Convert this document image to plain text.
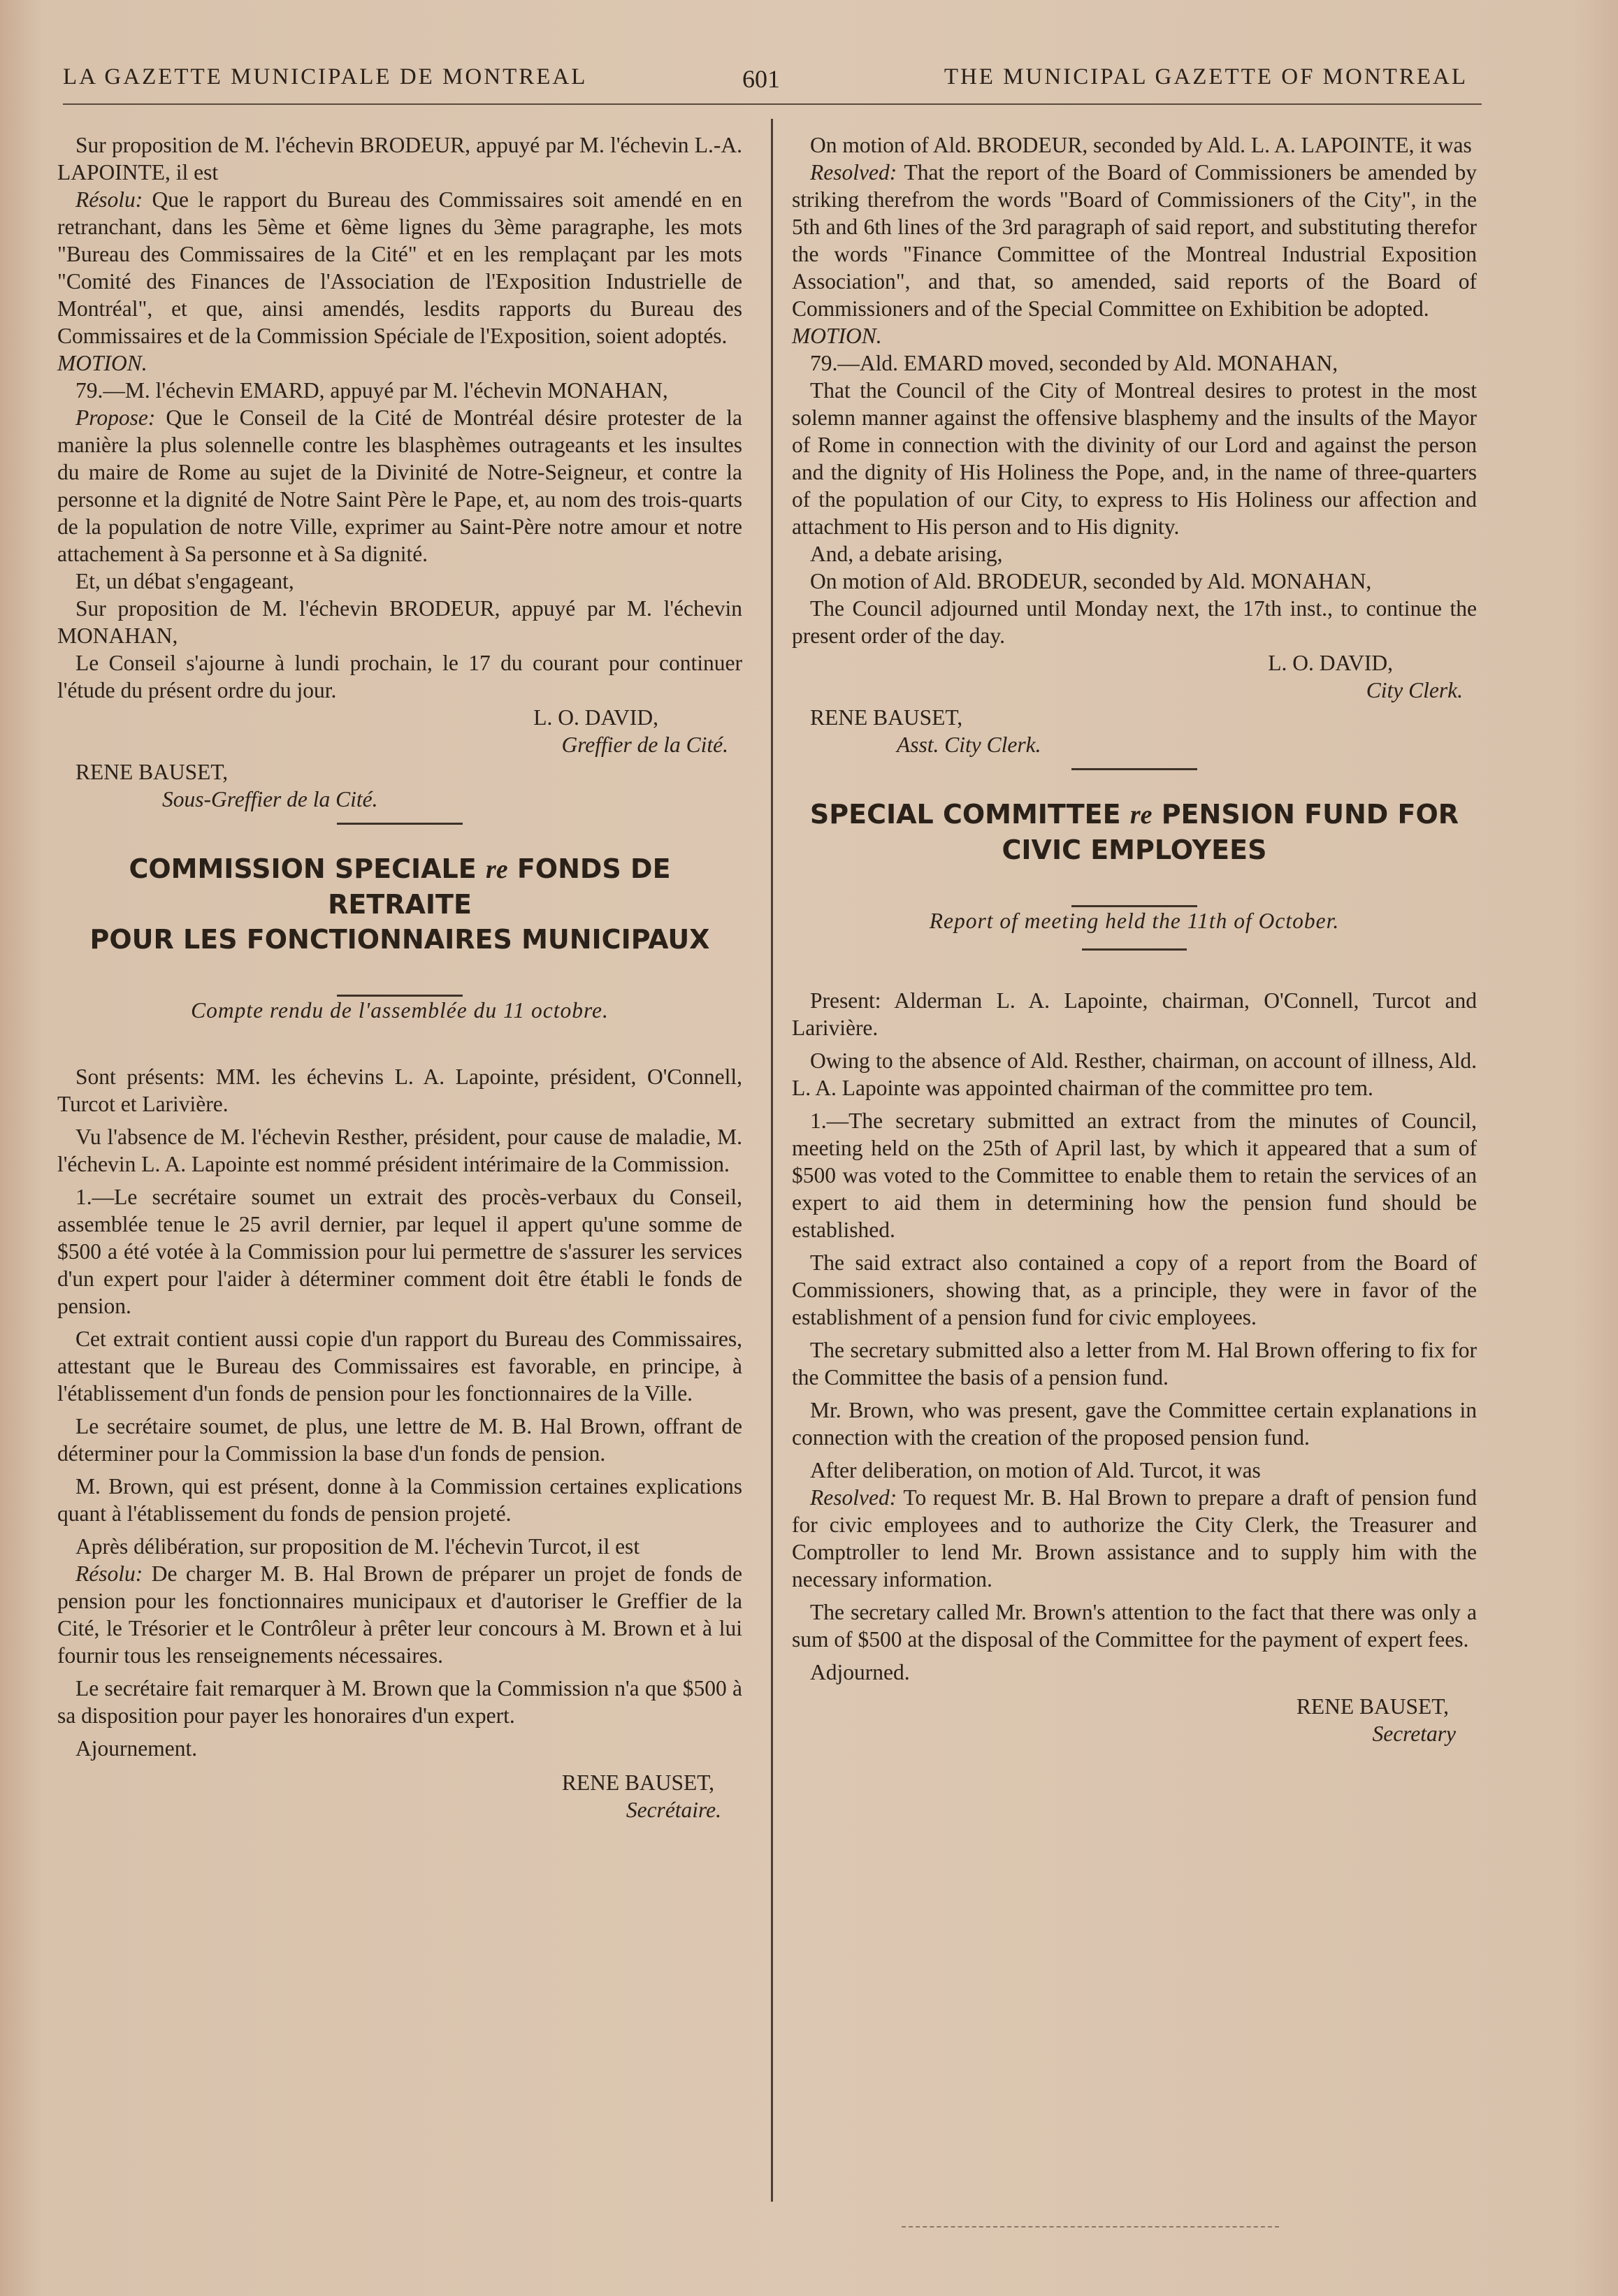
LA GAZETTE MUNICIPALE DE MONTREAL	601	THE MUNICIPAL GAZETTE OF MONTREAL

Sur proposition de M. l'échevin BRODEUR, appuyé par M. l'échevin L.-A. LAPOINTE, il est

Résolu: Que le rapport du Bureau des Commissaires soit amendé en en retranchant, dans les 5ème et 6ème lignes du 3ème paragraphe, les mots "Bureau des Commissaires de la Cité" et en les remplaçant par les mots "Comité des Finances de l'Association de l'Exposition Industrielle de Montréal", et que, ainsi amendés, lesdits rapports du Bureau des Commissaires et de la Commission Spéciale de l'Exposition, soient adoptés.

MOTION.

79.—M. l'échevin EMARD, appuyé par M. l'échevin MONAHAN,

Propose: Que le Conseil de la Cité de Montréal désire protester de la manière la plus solennelle contre les blasphèmes outrageants et les insultes du maire de Rome au sujet de la Divinité de Notre-Seigneur, et contre la personne et la dignité de Notre Saint Père le Pape, et, au nom des trois-quarts de la population de notre Ville, exprimer au Saint-Père notre amour et notre attachement à Sa personne et à Sa dignité.

Et, un débat s'engageant,

Sur proposition de M. l'échevin BRODEUR, appuyé par M. l'échevin MONAHAN,

Le Conseil s'ajourne à lundi prochain, le 17 du courant pour continuer l'étude du présent ordre du jour.

L. O. DAVID,

Greffier de la Cité.

RENE BAUSET,

Sous-Greffier de la Cité.

COMMISSION SPECIALE re FONDS DE RETRAITE
POUR LES FONCTIONNAIRES MUNICIPAUX

Compte rendu de l'assemblée du 11 octobre.

Sont présents: MM. les échevins L. A. Lapointe, président, O'Connell, Turcot et Larivière.

Vu l'absence de M. l'échevin Resther, président, pour cause de maladie, M. l'échevin L. A. Lapointe est nommé président intérimaire de la Commission.

1.—Le secrétaire soumet un extrait des procès-verbaux du Conseil, assemblée tenue le 25 avril dernier, par lequel il appert qu'une somme de $500 a été votée à la Commission pour lui permettre de s'assurer les services d'un expert pour l'aider à déterminer comment doit être établi le fonds de pension.

Cet extrait contient aussi copie d'un rapport du Bureau des Commissaires, attestant que le Bureau des Commissaires est favorable, en principe, à l'établissement d'un fonds de pension pour les fonctionnaires de la Ville.

Le secrétaire soumet, de plus, une lettre de M. B. Hal Brown, offrant de déterminer pour la Commission la base d'un fonds de pension.

M. Brown, qui est présent, donne à la Commission certaines explications quant à l'établissement du fonds de pension projeté.

Après délibération, sur proposition de M. l'échevin Turcot, il est

Résolu: De charger M. B. Hal Brown de préparer un projet de fonds de pension pour les fonctionnaires municipaux et d'autoriser le Greffier de la Cité, le Trésorier et le Contrôleur à prêter leur concours à M. Brown et à lui fournir tous les renseignements nécessaires.

Le secrétaire fait remarquer à M. Brown que la Commission n'a que $500 à sa disposition pour payer les honoraires d'un expert.

Ajournement.

RENE BAUSET,

Secrétaire.

On motion of Ald. BRODEUR, seconded by Ald. L. A. LAPOINTE, it was

Resolved: That the report of the Board of Commissioners be amended by striking therefrom the words "Board of Commissioners of the City", in the 5th and 6th lines of the 3rd paragraph of said report, and substituting therefor the words "Finance Committee of the Montreal Industrial Exposition Association", and that, so amended, said reports of the Board of Commissioners and of the Special Committee on Exhibition be adopted.

MOTION.

79.—Ald. EMARD moved, seconded by Ald. MONAHAN,

That the Council of the City of Montreal desires to protest in the most solemn manner against the offensive blasphemy and the insults of the Mayor of Rome in connection with the divinity of our Lord and against the person and the dignity of His Holiness the Pope, and, in the name of three-quarters of the population of our City, to express to His Holiness our affection and attachment to His person and to His dignity.

And, a debate arising,

On motion of Ald. BRODEUR, seconded by Ald. MONAHAN,

The Council adjourned until Monday next, the 17th inst., to continue the present order of the day.

L. O. DAVID,

City Clerk.

RENE BAUSET,

Asst. City Clerk.

SPECIAL COMMITTEE re PENSION FUND FOR
CIVIC EMPLOYEES

Report of meeting held the 11th of October.

Present: Alderman L. A. Lapointe, chairman, O'Connell, Turcot and Larivière.

Owing to the absence of Ald. Resther, chairman, on account of illness, Ald. L. A. Lapointe was appointed chairman of the committee pro tem.

1.—The secretary submitted an extract from the minutes of Council, meeting held on the 25th of April last, by which it appeared that a sum of $500 was voted to the Committee to enable them to retain the services of an expert to aid them in determining how the pension fund should be established.

The said extract also contained a copy of a report from the Board of Commissioners, showing that, as a principle, they were in favor of the establishment of a pension fund for civic employees.

The secretary submitted also a letter from M. Hal Brown offering to fix for the Committee the basis of a pension fund.

Mr. Brown, who was present, gave the Committee certain explanations in connection with the creation of the proposed pension fund.

After deliberation, on motion of Ald. Turcot, it was

Resolved: To request Mr. B. Hal Brown to prepare a draft of pension fund for civic employees and to authorize the City Clerk, the Treasurer and Comptroller to lend Mr. Brown assistance and to supply him with the necessary information.

The secretary called Mr. Brown's attention to the fact that there was only a sum of $500 at the disposal of the Committee for the payment of expert fees.

Adjourned.

RENE BAUSET,

Secretary
